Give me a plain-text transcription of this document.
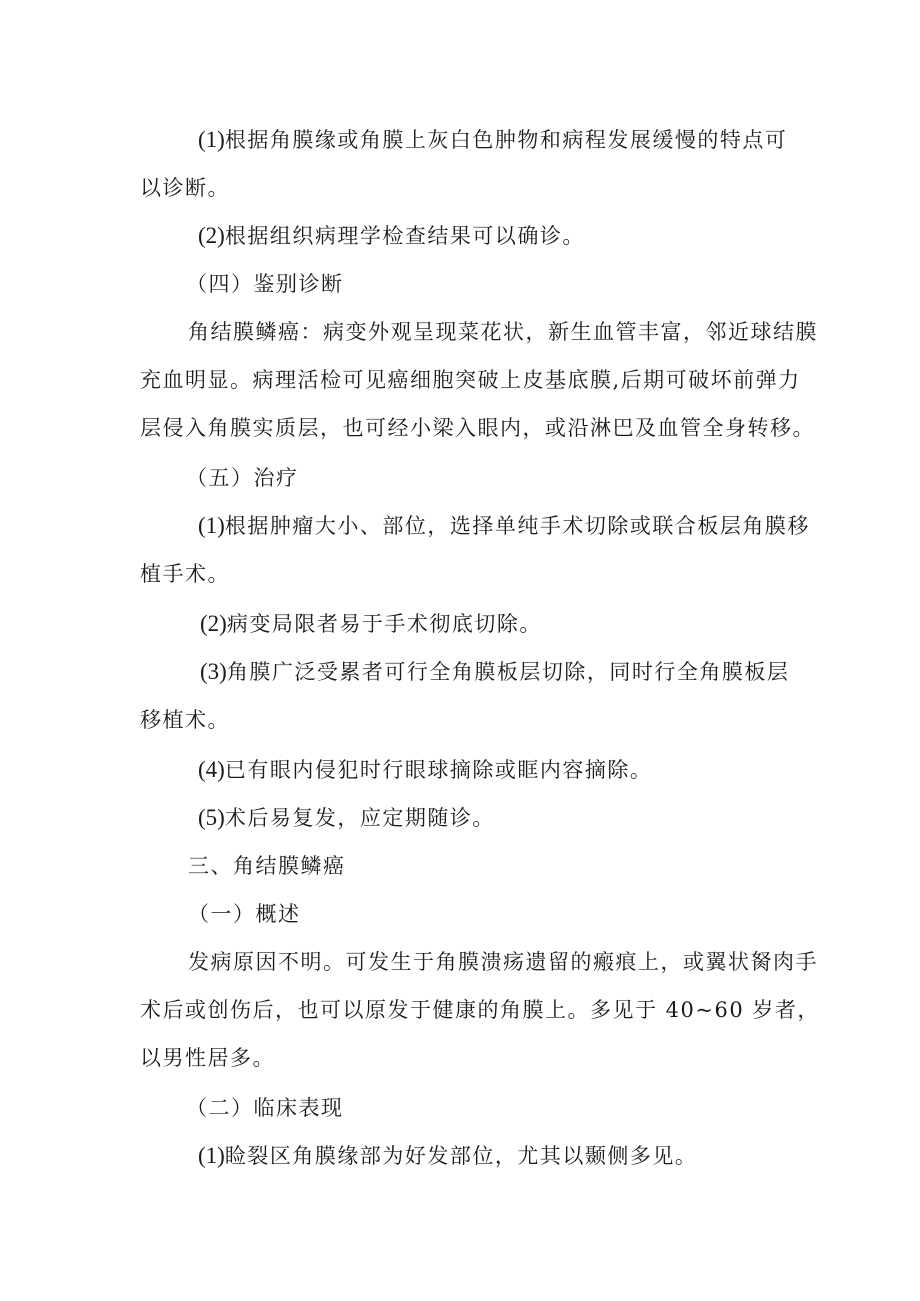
(1)根据角膜缘或角膜上灰白色肿物和病程发展缓慢的特点可
以诊断。
(2)根据组织病理学检查结果可以确诊。
（四）鉴别诊断
角结膜鳞癌：病变外观呈现菜花状，新生血管丰富，邻近球结膜
充血明显。病理活检可见癌细胞突破上皮基底膜,后期可破坏前弹力
层侵入角膜实质层，也可经小梁入眼内，或沿淋巴及血管全身转移。
（五）治疗
(1)根据肿瘤大小、部位，选择单纯手术切除或联合板层角膜移
植手术。
(2)病变局限者易于手术彻底切除。
(3)角膜广泛受累者可行全角膜板层切除，同时行全角膜板层
移植术。
(4)已有眼内侵犯时行眼球摘除或眶内容摘除。
(5)术后易复发，应定期随诊。
三、角结膜鳞癌
（一）概述
发病原因不明。可发生于角膜溃疡遗留的瘢痕上，或翼状胬肉手
术后或创伤后，也可以原发于健康的角膜上。多见于 40~60 岁者，
以男性居多。
（二）临床表现
(1)睑裂区角膜缘部为好发部位，尤其以颞侧多见。
